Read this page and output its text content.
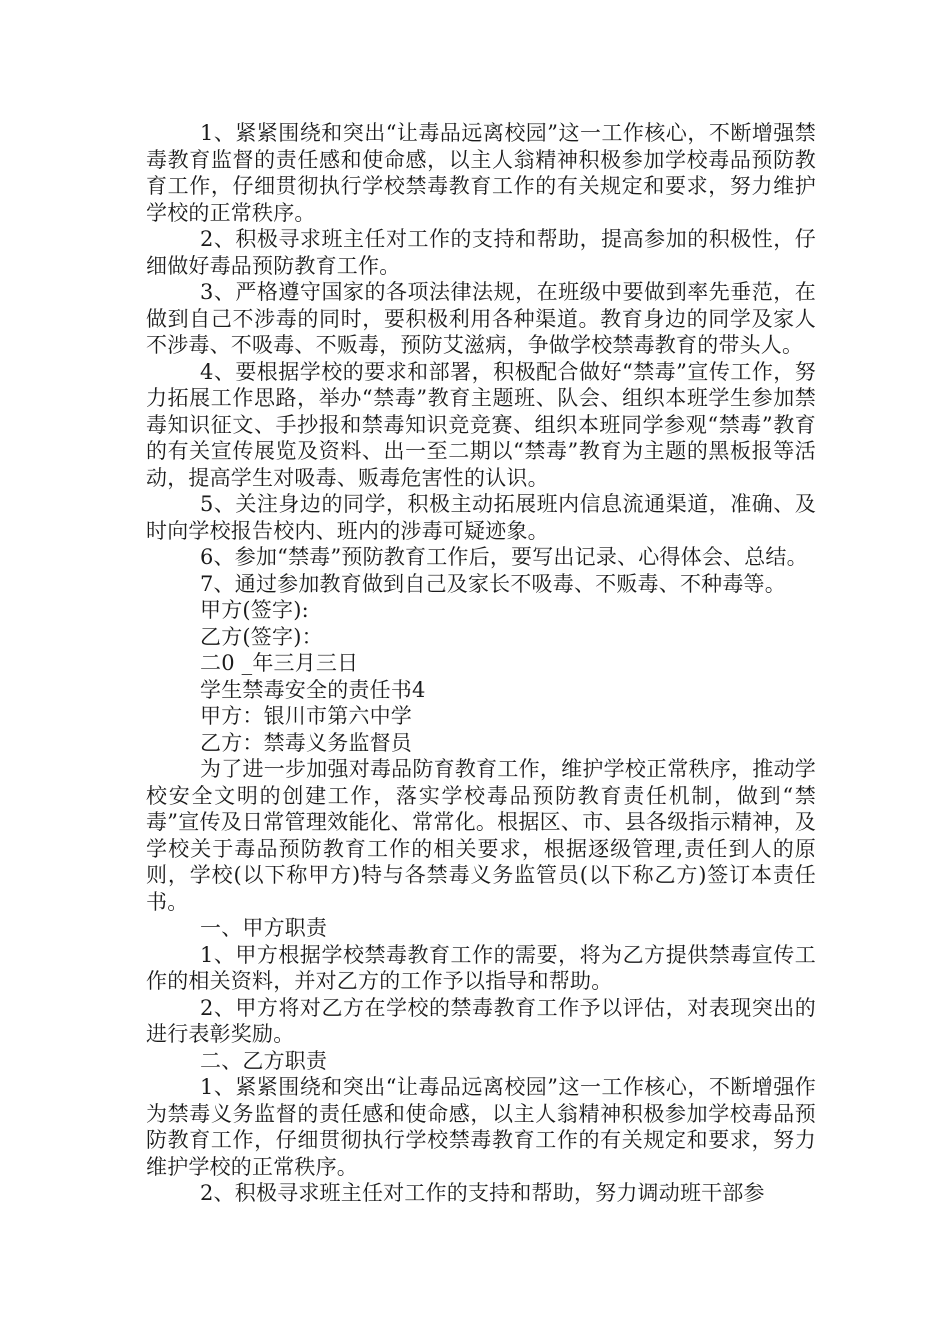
1、紧紧围绕和突出“让毒品远离校园”这一工作核心，不断增强禁毒教育监督的责任感和使命感，以主人翁精神积极参加学校毒品预防教育工作，仔细贯彻执行学校禁毒教育工作的有关规定和要求，努力维护学校的正常秩序。

2、积极寻求班主任对工作的支持和帮助，提高参加的积极性，仔细做好毒品预防教育工作。

3、严格遵守国家的各项法律法规，在班级中要做到率先垂范，在做到自己不涉毒的同时，要积极利用各种渠道。教育身边的同学及家人不涉毒、不吸毒、不贩毒，预防艾滋病，争做学校禁毒教育的带头人。

4、要根据学校的要求和部署，积极配合做好“禁毒”宣传工作，努力拓展工作思路，举办“禁毒”教育主题班、队会、组织本班学生参加禁毒知识征文、手抄报和禁毒知识竞竞赛、组织本班同学参观“禁毒”教育的有关宣传展览及资料、出一至二期以“禁毒”教育为主题的黑板报等活动，提高学生对吸毒、贩毒危害性的认识。

5、关注身边的同学，积极主动拓展班内信息流通渠道，准确、及时向学校报告校内、班内的涉毒可疑迹象。

6、参加“禁毒”预防教育工作后，要写出记录、心得体会、总结。

7、通过参加教育做到自己及家长不吸毒、不贩毒、不种毒等。

甲方(签字):

乙方(签字)：

二0 _年三月三日

学生禁毒安全的责任书4

甲方：银川市第六中学

乙方：禁毒义务监督员

为了进一步加强对毒品防育教育工作，维护学校正常秩序，推动学校安全文明的创建工作，落实学校毒品预防教育责任机制，做到“禁毒”宣传及日常管理效能化、常常化。根据区、市、县各级指示精神，及学校关于毒品预防教育工作的相关要求，根据逐级管理,责任到人的原则，学校(以下称甲方)特与各禁毒义务监管员(以下称乙方)签订本责任书。

一、甲方职责

1、甲方根据学校禁毒教育工作的需要，将为乙方提供禁毒宣传工作的相关资料，并对乙方的工作予以指导和帮助。

2、甲方将对乙方在学校的禁毒教育工作予以评估，对表现突出的进行表彰奖励。

二、乙方职责

1、紧紧围绕和突出“让毒品远离校园”这一工作核心，不断增强作为禁毒义务监督的责任感和使命感，以主人翁精神积极参加学校毒品预防教育工作，仔细贯彻执行学校禁毒教育工作的有关规定和要求，努力维护学校的正常秩序。

2、积极寻求班主任对工作的支持和帮助，努力调动班干部参
